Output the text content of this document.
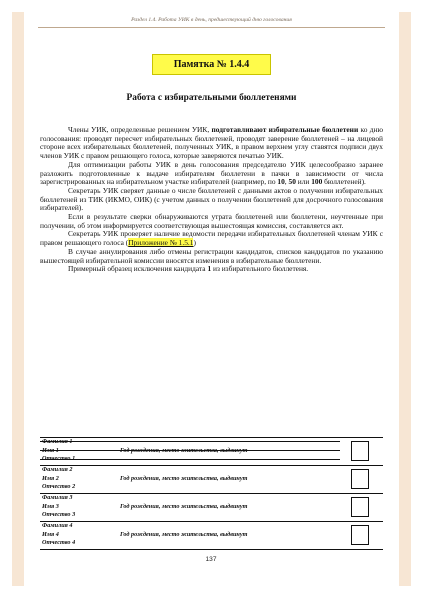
Раздел 1.4. Работа УИК в день, предшествующий дню голосования
Памятка № 1.4.4
Работа с избирательными бюллетенями

Члены УИК, определенные решением УИК, подготавливают избирательные бюллетени ко дню голосования: проводят пересчет избирательных бюллетеней, проводят заверение бюллетеней – на лицевой стороне всех избирательных бюллетеней, полученных УИК, в правом верхнем углу ставятся подписи двух членов УИК с правом решающего голоса, которые заверяются печатью УИК.

Для оптимизации работы УИК в день голосования председателю УИК целесообразно заранее разложить подготовленные к выдаче избирателям бюллетени в пачки в зависимости от числа зарегистрированных на избирательном участке избирателей (например, по 10, 50 или 100 бюллетеней).

Секретарь УИК сверяет данные о числе бюллетеней с данными актов о получении избирательных бюллетеней из ТИК (ИКМО, ОИК) (с учетом данных о получении бюллетеней для досрочного голосования избирателей).

Если в результате сверки обнаруживаются утрата бюллетеней или бюллетени, неучтенные при получении, об этом информируется соответствующая вышестоящая комиссия, составляется акт.

Секретарь УИК проверяет наличие ведомости передачи избирательных бюллетеней членам УИК с правом решающего голоса (Приложение № 1.5.1)

В случае аннулирования либо отмены регистрации кандидатов, списков кандидатов по указанию вышестоящей избирательной комиссии вносятся изменения в избирательные бюллетени.

Примерный образец исключения кандидата 1 из избирательного бюллетеня.

Фамилия 1
Имя 1
Отчество 1
Год рождения, место жительства, выдвинут
Фамилия 2
Имя 2
Отчество 2
Год рождения, место жительства, выдвинут
Фамилия 3
Имя 3
Отчество 3
Год рождения, место жительства, выдвинут
Фамилия 4
Имя 4
Отчество 4
Год рождения, место жительства, выдвинут
137
